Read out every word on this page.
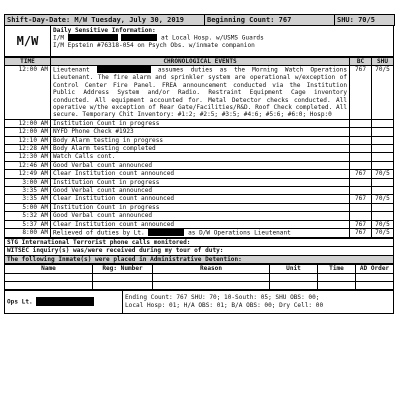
Shift-Day-Date: M/W Tuesday, July 30, 2019	Beginning Count: 767	SHU: 70/5
M/W	
Daily Sensitive Information:
I/M	at Local Hosp. w/USMS Guards
I/M Epstein #76318-054 on Psych Obs. w/inmate companion
TIME	CHRONOLOGICAL EVENTS	BC	SHU
12:00 AM	Lieutenant assumes duties as the Morning Watch Operations Lieutenant. The fire alarm and sprinkler system are operational w/exception of Control Center Fire Panel. FREA announcement conducted via the Institution Public Address System and/or Radio. Restraint Equipment Cage inventory conducted. All equipment accounted for. Metal Detector checks conducted. All operative w/the exception of Rear Gate/Facilities/R&D. Roof Check completed. All secure. Temporary Chit Inventory: #1:2; #2:5; #3:5; #4:6; #5:6; #6:0; Hosp:0	767	70/5
12:00 AM	Institution Count in progress		
12:00 AM	NYFD Phone Check #1923		
12:10 AM	Body Alarm testing in progress		
12:28 AM	Body Alarm testing completed		
12:30 AM	Watch Calls cont.		
12:46 AM	Good Verbal count announced		
12:49 AM	Clear Institution count announced	767	70/5
3:00 AM	Institution Count in progress		
3:35 AM	Good Verbal count announced		
3:35 AM	Clear Institution count announced	767	70/5
5:00 AM	Institution Count in progress		
5:32 AM	Good Verbal count announced		
5:37 AM	Clear Institution count announced	767	70/5
8:00 AM	Relieved of duties by Lt. as D/W Operations Lieutenant	767	70/5
STG International Terrorist phone calls monitored:
WITSEC inquiry(s) was/were received during my tour of duty:
The following Inmate(s) were placed in Administrative Detention:
Name	Reg: Number	Reason	Unit	Time	AD Order

Ops Lt.	
Ending Count: 767 SHU: 70; 10-South: 05; SHU OBS: 00;
Local Hosp: 01; H/A OBS: 01; B/A OBS: 00; Dry Cell: 00
